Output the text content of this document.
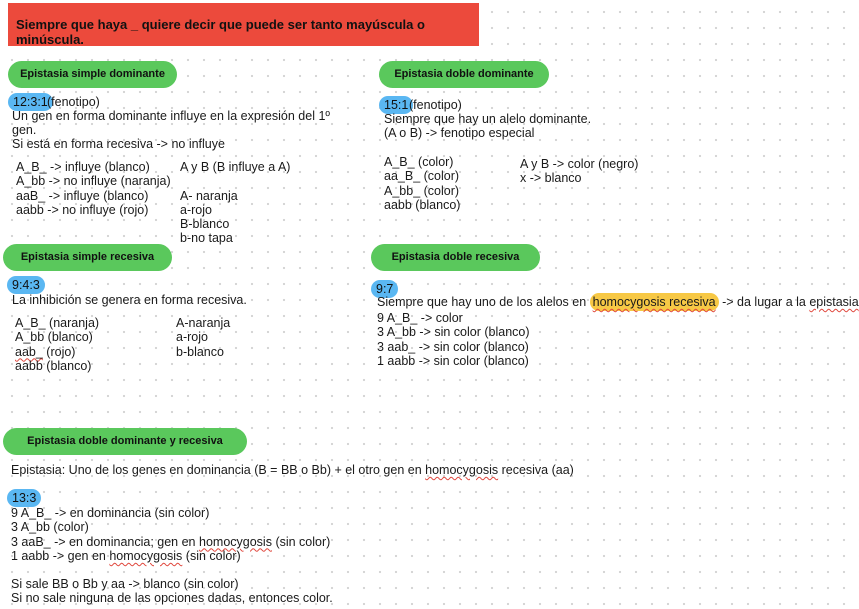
Siempre que haya _ quiere decir que puede ser tanto mayúscula o minúscula.
Epistasia simple dominante
12:3:1 (fenotipo)
Un gen en forma dominante influye en la expresión del 1º gen.
Si está en forma recesiva -> no influye
A_B_ -> influye (blanco)
A_bb -> no influye (naranja)
aaB_ -> influye (blanco)
aabb -> no influye (rojo)
A y B (B influye a A)
A- naranja
a-rojo
B-blanco
b-no tapa
Epistasia doble dominante
15:1 (fenotipo)
Siempre que hay un alelo dominante.
(A o B) -> fenotipo especial
A_B_ (color)
aa_B_ (color)
A_bb_ (color)
aabb (blanco)
A y B -> color (negro)
x -> blanco
Epistasia simple recesiva
9:4:3
La inhibición se genera en forma recesiva.
A_B_ (naranja)
A_bb (blanco)
aab_ (rojo)
aabb (blanco)
A-naranja
a-rojo
b-blanco
Epistasia doble recesiva
9:7
Siempre que hay uno de los alelos en homocygosis recesiva -> da lugar a la epistasia
9 A_B_ -> color
3 A_bb -> sin color (blanco)
3 aab_ -> sin color (blanco)
1 aabb -> sin color (blanco)
Epistasia doble dominante y recesiva
Epistasia: Uno de los genes en dominancia (B = BB o Bb) + el otro gen en homocygosis recesiva (aa)
13:3
9 A_B_ -> en dominancia (sin color)
3 A_bb (color)
3 aaB_ -> en dominancia; gen en homocygosis (sin color)
1 aabb -> gen en homocygosis (sin color)
Si sale BB o Bb y aa -> blanco (sin color)
Si no sale ninguna de las opciones dadas, entonces color.
